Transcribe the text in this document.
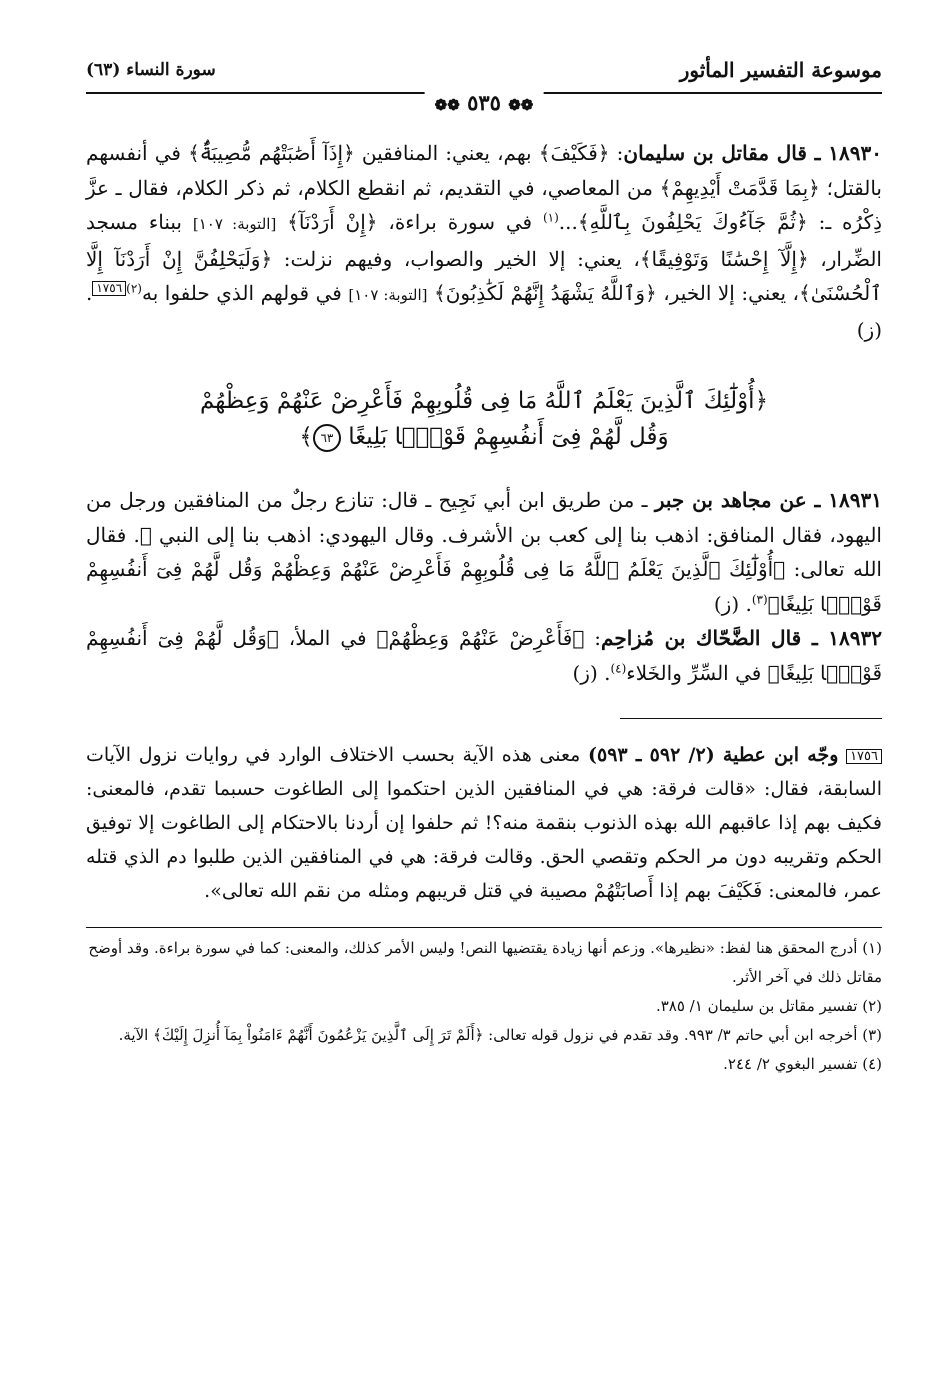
موسوعة التفسير المأثور
سورة النساء (٦٣)
❁❁ ٥٣٥ ❁❁

١٨٩٣٠ ـ قال مقاتل بن سليمان: ﴿فَكَيْفَ﴾ بهم، يعني: المنافقين ﴿إِذَآ أَصَٰبَتْهُم مُّصِيبَةٌۢ﴾ في أنفسهم بالقتل؛ ﴿بِمَا قَدَّمَتْ أَيْدِيهِمْ﴾ من المعاصي، في التقديم، ثم انقطع الكلام، ثم ذكر الكلام، فقال ـ عزَّ ذِكْرُه ـ: ﴿ثُمَّ جَآءُوكَ يَحْلِفُونَ بِٱللَّهِ﴾...$^{(١)}$ في سورة براءة، ﴿إِنْ أَرَدْنَآ﴾ [التوبة: ١٠٧] ببناء مسجد الضِّرار، ﴿إِلَّآ إِحْسَٰنًا وَتَوْفِيقًا﴾، يعني: إلا الخير والصواب، وفيهم نزلت: ﴿وَلَيَحْلِفُنَّ إِنْ أَرَدْنَآ إِلَّا ٱلْحُسْنَىٰ﴾، يعني: إلا الخير، ﴿وَٱللَّهُ يَشْهَدُ إِنَّهُمْ لَكَٰذِبُونَ﴾ [التوبة: ١٠٧] في قولهم الذي حلفوا به$^{(٢)}$١٧٥٦. (ز)

﴿أُوْلَٰٓئِكَ ٱلَّذِينَ يَعْلَمُ ٱللَّهُ مَا فِى قُلُوبِهِمْ فَأَعْرِضْ عَنْهُمْ وَعِظْهُمْ
وَقُل لَّهُمْ فِىٓ أَنفُسِهِمْ قَوْلًۢا بَلِيغًا ٦٣﴾

١٨٩٣١ ـ عن مجاهد بن جبر ـ من طريق ابن أبي نَجِيح ـ قال: تنازع رجلٌ من المنافقين ورجل من اليهود، فقال المنافق: اذهب بنا إلى كعب بن الأشرف. وقال اليهودي: اذهب بنا إلى النبي ﷺ. فقال الله تعالى: ﴿أُوْلَٰٓئِكَ ٱلَّذِينَ يَعْلَمُ ٱللَّهُ مَا فِى قُلُوبِهِمْ فَأَعْرِضْ عَنْهُمْ وَعِظْهُمْ وَقُل لَّهُمْ فِىٓ أَنفُسِهِمْ قَوْلًۢا بَلِيغًا﴾$^{(٣)}$. (ز)

١٨٩٣٢ ـ قال الضَّحّاك بن مُزاحِم: ﴿فَأَعْرِضْ عَنْهُمْ وَعِظْهُمْ﴾ في الملأ، ﴿وَقُل لَّهُمْ فِىٓ أَنفُسِهِمْ قَوْلًۢا بَلِيغًا﴾ في السِّرِّ والخَلاء$^{(٤)}$. (ز)

١٧٥٦ وجّه ابن عطية (٢/ ٥٩٢ ـ ٥٩٣) معنى هذه الآية بحسب الاختلاف الوارد في روايات نزول الآيات السابقة، فقال: «قالت فرقة: هي في المنافقين الذين احتكموا إلى الطاغوت حسبما تقدم، فالمعنى: فكيف بهم إذا عاقبهم الله بهذه الذنوب بنقمة منه؟! ثم حلفوا إن أردنا بالاحتكام إلى الطاغوت إلا توفيق الحكم وتقريبه دون مر الحكم وتقصي الحق. وقالت فرقة: هي في المنافقين الذين طلبوا دم الذي قتله عمر، فالمعنى: فَكَيْفَ بهم إذا أَصابَتْهُمْ مصيبة في قتل قريبهم ومثله من نقم الله تعالى».

(١) أدرج المحقق هنا لفظ: «نظيرها». وزعم أنها زيادة يقتضيها النص! وليس الأمر كذلك، والمعنى: كما في سورة براءة. وقد أوضح مقاتل ذلك في آخر الأثر.

(٢) تفسير مقاتل بن سليمان ١/ ٣٨٥.

(٣) أخرجه ابن أبي حاتم ٣/ ٩٩٣. وقد تقدم في نزول قوله تعالى: ﴿أَلَمْ تَرَ إِلَى ٱلَّذِينَ يَزْعُمُونَ أَنَّهُمْ ءَامَنُواْ بِمَآ أُنزِلَ إِلَيْكَ﴾ الآية.

(٤) تفسير البغوي ٢/ ٢٤٤.
